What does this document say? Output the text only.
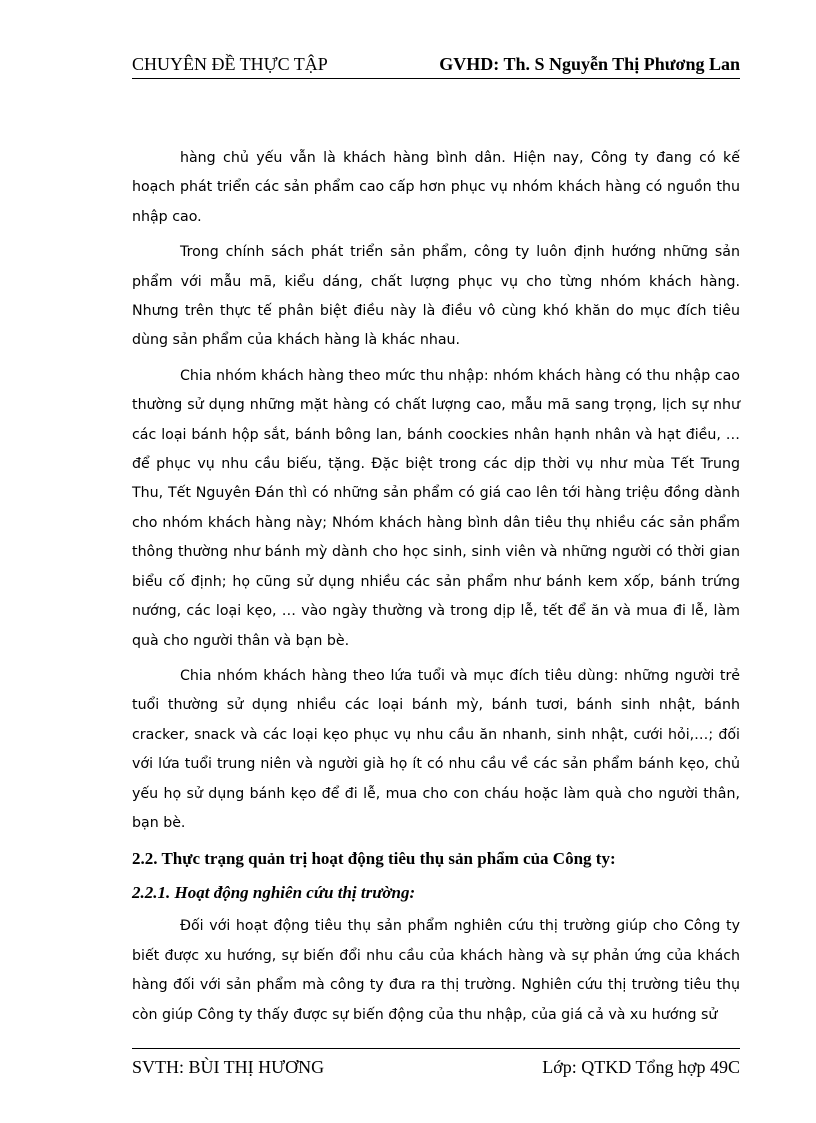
CHUYÊN ĐỀ THỰC TẬP	GVHD: Th. S Nguyễn Thị Phương Lan

hàng chủ yếu vẫn là khách hàng bình dân. Hiện nay, Công ty đang có kế hoạch phát triển các sản phẩm cao cấp hơn phục vụ nhóm khách hàng có nguồn thu nhập cao.

Trong chính sách phát triển sản phẩm, công ty luôn định hướng những sản phẩm với mẫu mã, kiểu dáng, chất lượng phục vụ cho từng nhóm khách hàng. Nhưng trên thực tế phân biệt điều này là điều vô cùng khó khăn do mục đích tiêu dùng sản phẩm của khách hàng là khác nhau.

Chia nhóm khách hàng theo mức thu nhập: nhóm khách hàng có thu nhập cao thường sử dụng những mặt hàng có chất lượng cao, mẫu mã sang trọng, lịch sự như các loại bánh hộp sắt, bánh bông lan, bánh coockies nhân hạnh nhân và hạt điều, … để phục vụ nhu cầu biếu, tặng. Đặc biệt trong các dịp thời vụ như mùa Tết Trung Thu, Tết Nguyên Đán thì có những sản phẩm có giá cao lên tới hàng triệu đồng dành cho nhóm khách hàng này; Nhóm khách hàng bình dân tiêu thụ nhiều các sản phẩm thông thường như bánh mỳ dành cho học sinh, sinh viên và những người có thời gian biểu cố định; họ cũng sử dụng nhiều các sản phẩm như bánh kem xốp, bánh trứng nướng, các loại kẹo, … vào ngày thường và trong dịp lễ, tết để ăn và mua đi lễ, làm quà cho người thân và bạn bè.

Chia nhóm khách hàng theo lứa tuổi và mục đích tiêu dùng: những người trẻ tuổi thường sử dụng nhiều các loại bánh mỳ, bánh tươi, bánh sinh nhật, bánh cracker, snack và các loại kẹo phục vụ nhu cầu ăn nhanh, sinh nhật, cưới hỏi,…; đối với lứa tuổi trung niên và người già họ ít có nhu cầu về các sản phẩm bánh kẹo, chủ yếu họ sử dụng bánh kẹo để đi lễ, mua cho con cháu hoặc làm quà cho người thân, bạn bè.

2.2. Thực trạng quản trị hoạt động tiêu thụ sản phẩm của Công ty:
2.2.1. Hoạt động nghiên cứu thị trường:

Đối với hoạt động tiêu thụ sản phẩm nghiên cứu thị trường giúp cho Công ty biết được xu hướng, sự biến đổi nhu cầu của khách hàng và sự phản ứng của khách hàng đối với sản phẩm mà công ty đưa ra thị trường. Nghiên cứu thị trường tiêu thụ còn giúp Công ty thấy được sự biến động của thu nhập, của giá cả và xu hướng sử

SVTH: BÙI THỊ HƯƠNG	Lớp: QTKD Tổng hợp 49C
